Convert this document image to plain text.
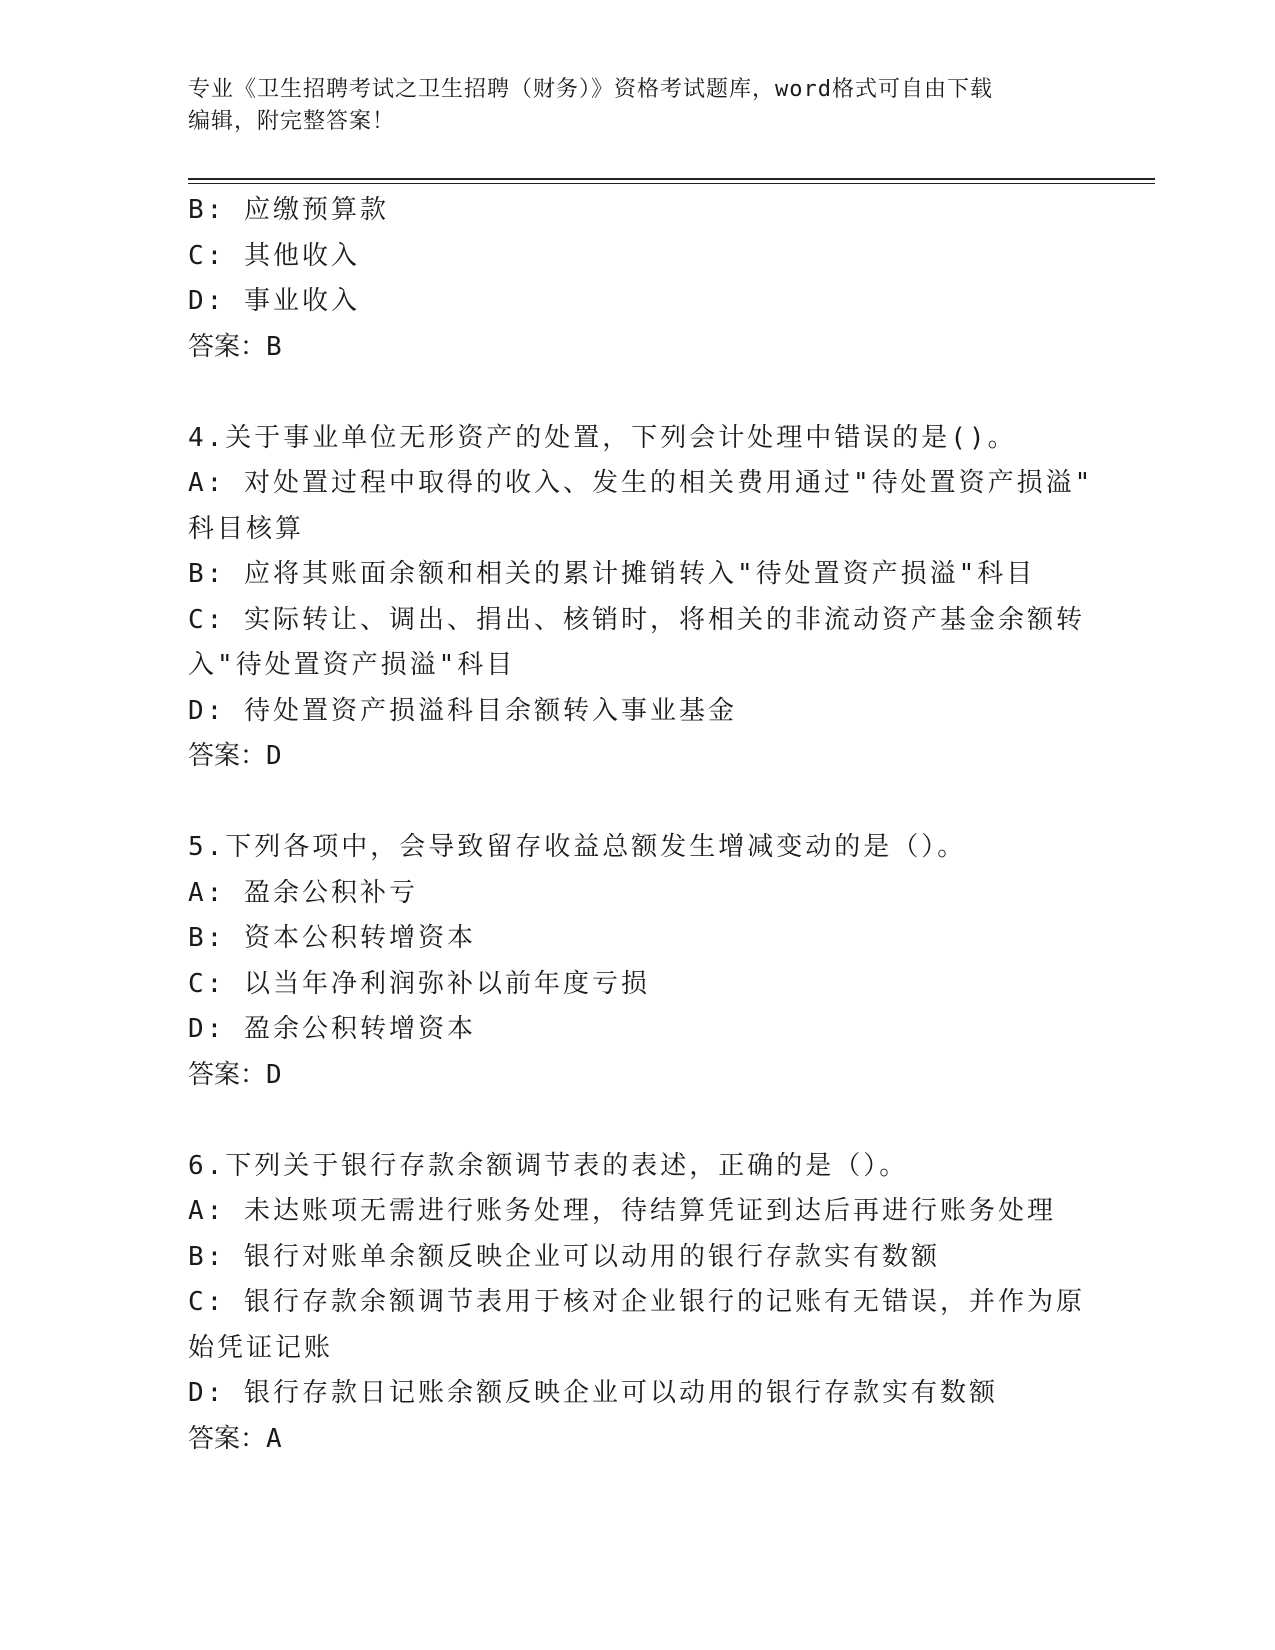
专业《卫生招聘考试之卫生招聘（财务）》资格考试题库，word格式可自由下载
编辑，附完整答案！

B: 应缴预算款

C: 其他收入

D: 事业收入

答案：B

4.关于事业单位无形资产的处置，下列会计处理中错误的是()。

A: 对处置过程中取得的收入、发生的相关费用通过"待处置资产损溢"

科目核算

B: 应将其账面余额和相关的累计摊销转入"待处置资产损溢"科目

C: 实际转让、调出、捐出、核销时，将相关的非流动资产基金余额转

入"待处置资产损溢"科目

D: 待处置资产损溢科目余额转入事业基金

答案：D

5.下列各项中，会导致留存收益总额发生增减变动的是（）。

A: 盈余公积补亏

B: 资本公积转增资本

C: 以当年净利润弥补以前年度亏损

D: 盈余公积转增资本

答案：D

6.下列关于银行存款余额调节表的表述，正确的是（）。

A: 未达账项无需进行账务处理，待结算凭证到达后再进行账务处理

B: 银行对账单余额反映企业可以动用的银行存款实有数额

C: 银行存款余额调节表用于核对企业银行的记账有无错误，并作为原

始凭证记账

D: 银行存款日记账余额反映企业可以动用的银行存款实有数额

答案：A
